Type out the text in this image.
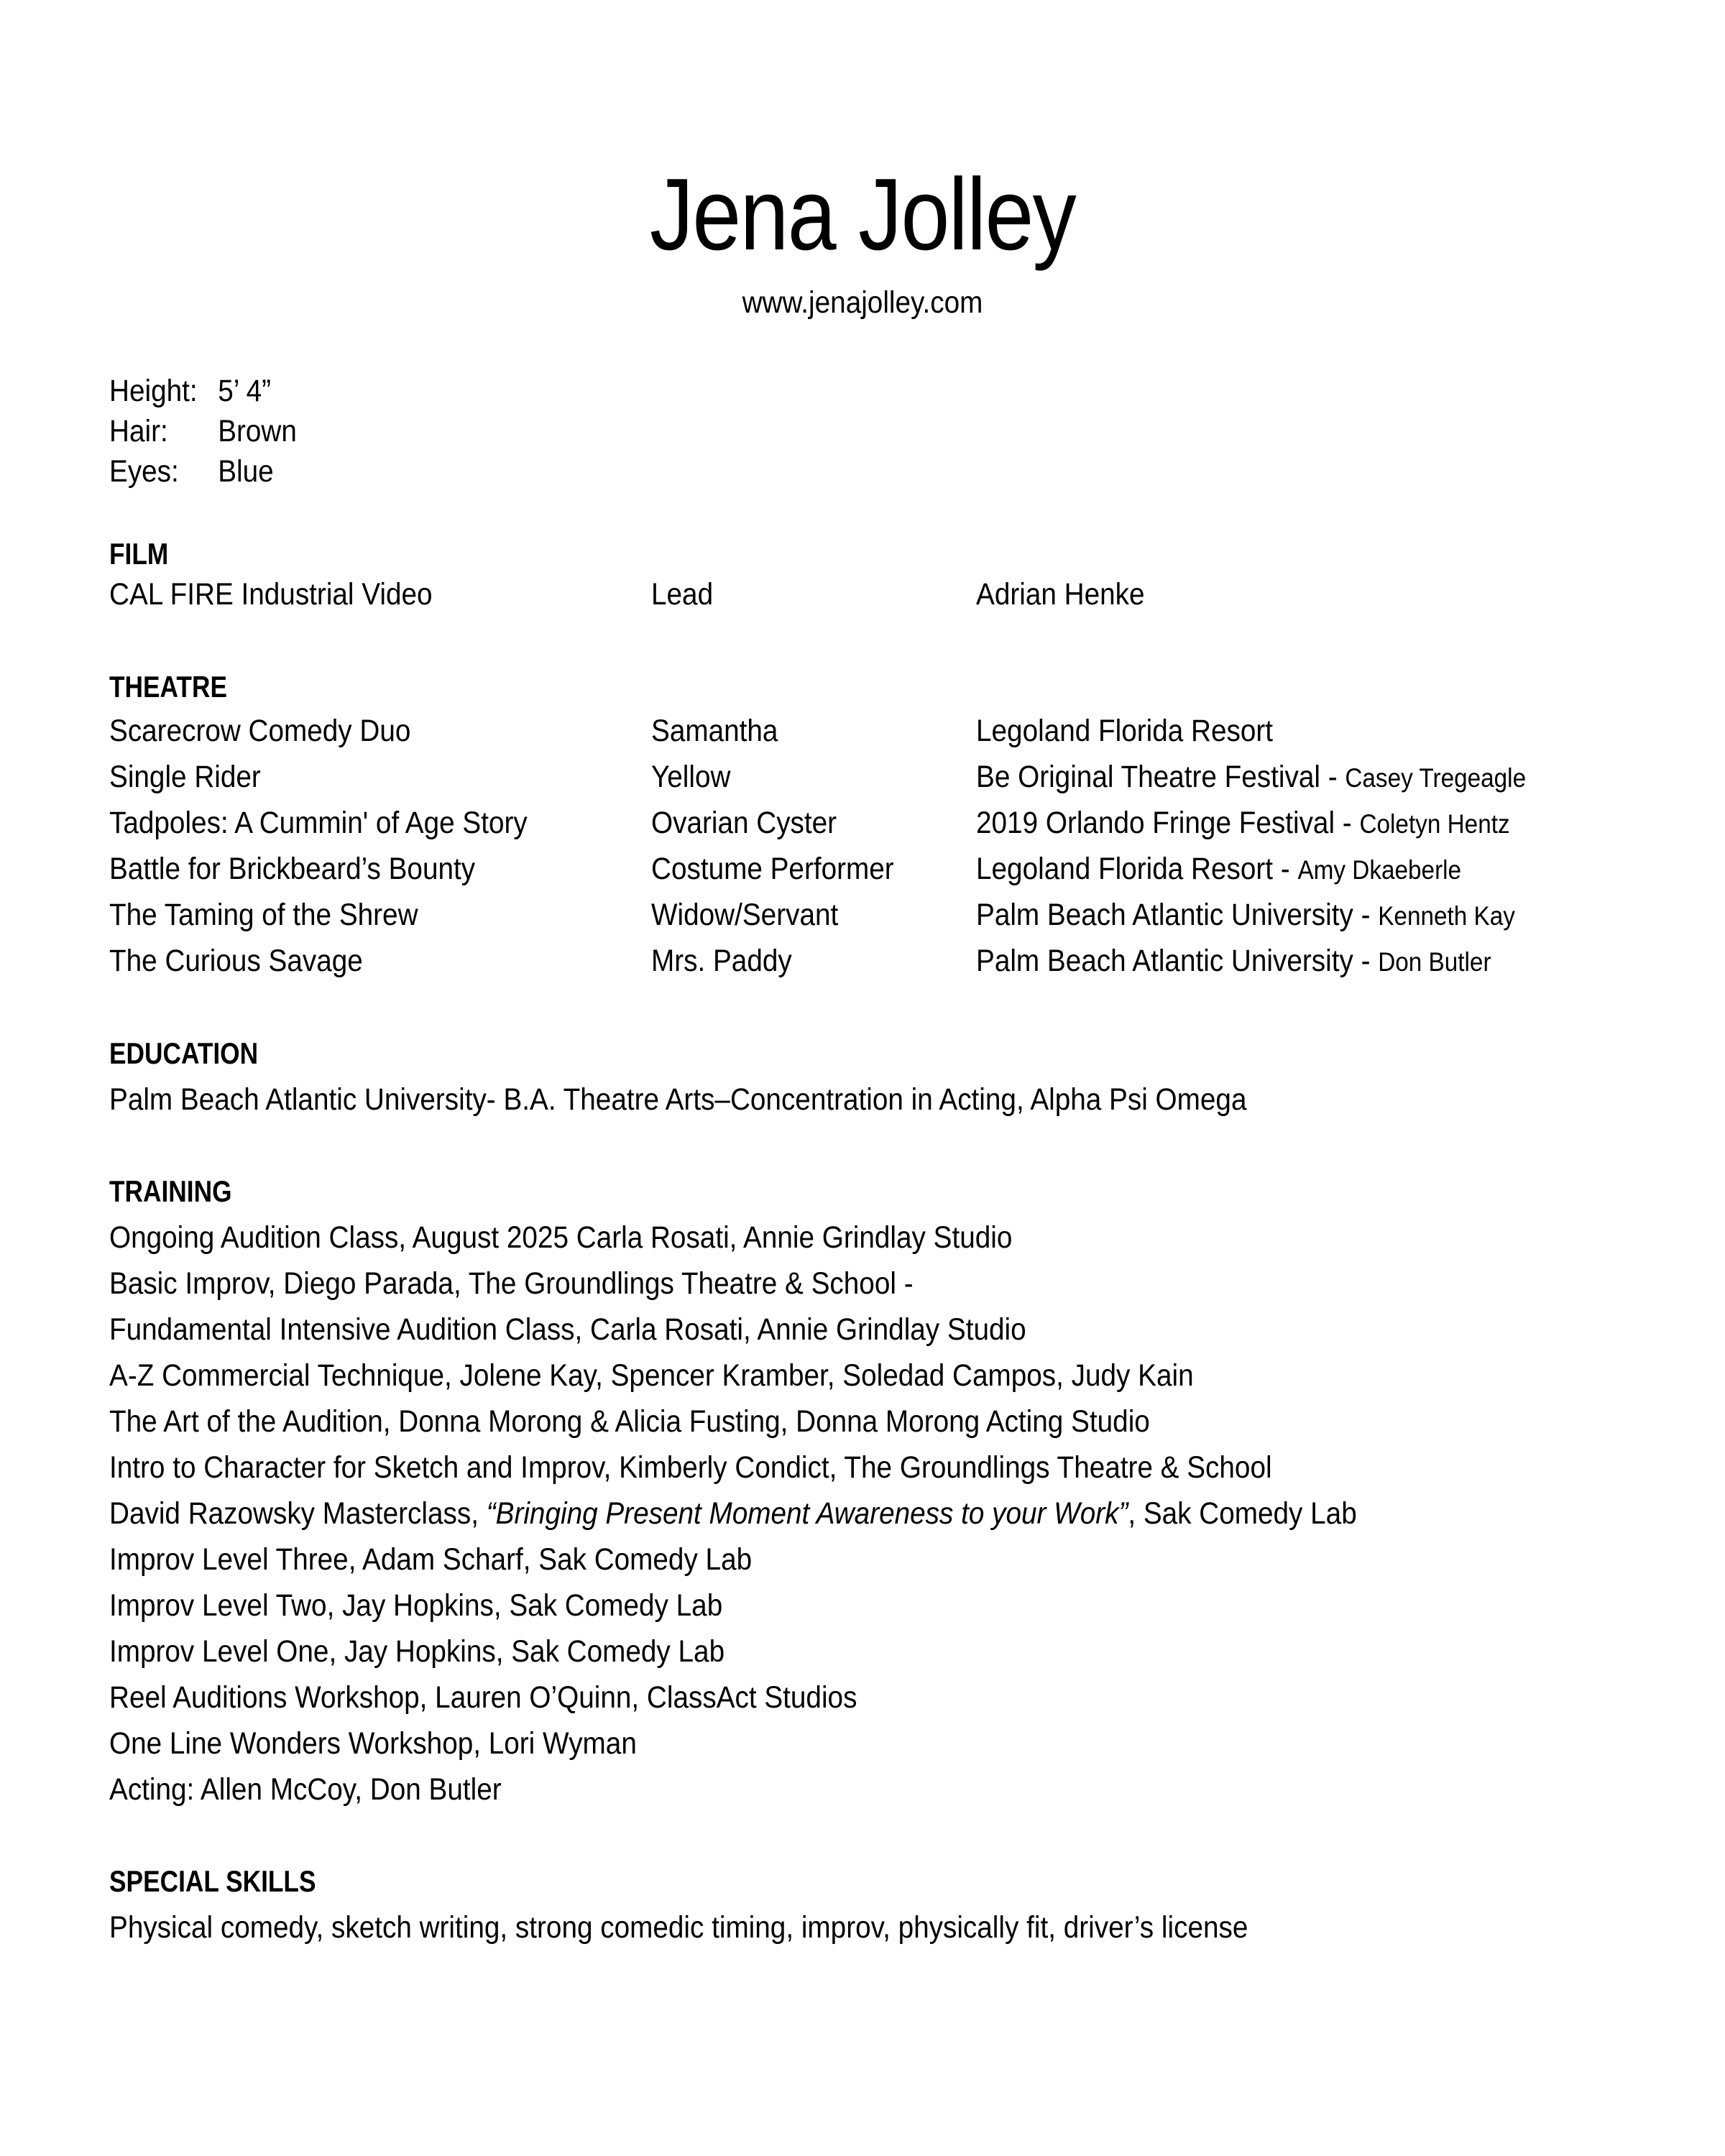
Jena Jolley
www.jenajolley.com
Height: 5’ 4”
Hair: Brown
Eyes: Blue
FILM
CAL FIRE Industrial Video	Lead	Adrian Henke
THEATRE
Scarecrow Comedy Duo	Samantha	Legoland Florida Resort
Single Rider	Yellow	Be Original Theatre Festival - Casey Tregeagle
Tadpoles: A Cummin' of Age Story	Ovarian Cyster	2019 Orlando Fringe Festival - Coletyn Hentz
Battle for Brickbeard’s Bounty	Costume Performer	Legoland Florida Resort - Amy Dkaeberle
The Taming of the Shrew	Widow/Servant	Palm Beach Atlantic University - Kenneth Kay
The Curious Savage	Mrs. Paddy	Palm Beach Atlantic University - Don Butler
EDUCATION
Palm Beach Atlantic University- B.A. Theatre Arts–Concentration in Acting, Alpha Psi Omega
TRAINING
Ongoing Audition Class, August 2025 Carla Rosati, Annie Grindlay Studio
Basic Improv, Diego Parada, The Groundlings Theatre & School -
Fundamental Intensive Audition Class, Carla Rosati, Annie Grindlay Studio
A-Z Commercial Technique, Jolene Kay, Spencer Kramber, Soledad Campos, Judy Kain
The Art of the Audition, Donna Morong & Alicia Fusting, Donna Morong Acting Studio
Intro to Character for Sketch and Improv, Kimberly Condict, The Groundlings Theatre & School
David Razowsky Masterclass, “Bringing Present Moment Awareness to your Work”, Sak Comedy Lab
Improv Level Three, Adam Scharf, Sak Comedy Lab
Improv Level Two, Jay Hopkins, Sak Comedy Lab
Improv Level One, Jay Hopkins, Sak Comedy Lab
Reel Auditions Workshop, Lauren O’Quinn, ClassAct Studios
One Line Wonders Workshop, Lori Wyman
Acting: Allen McCoy, Don Butler
SPECIAL SKILLS
Physical comedy, sketch writing, strong comedic timing, improv, physically fit, driver’s license
